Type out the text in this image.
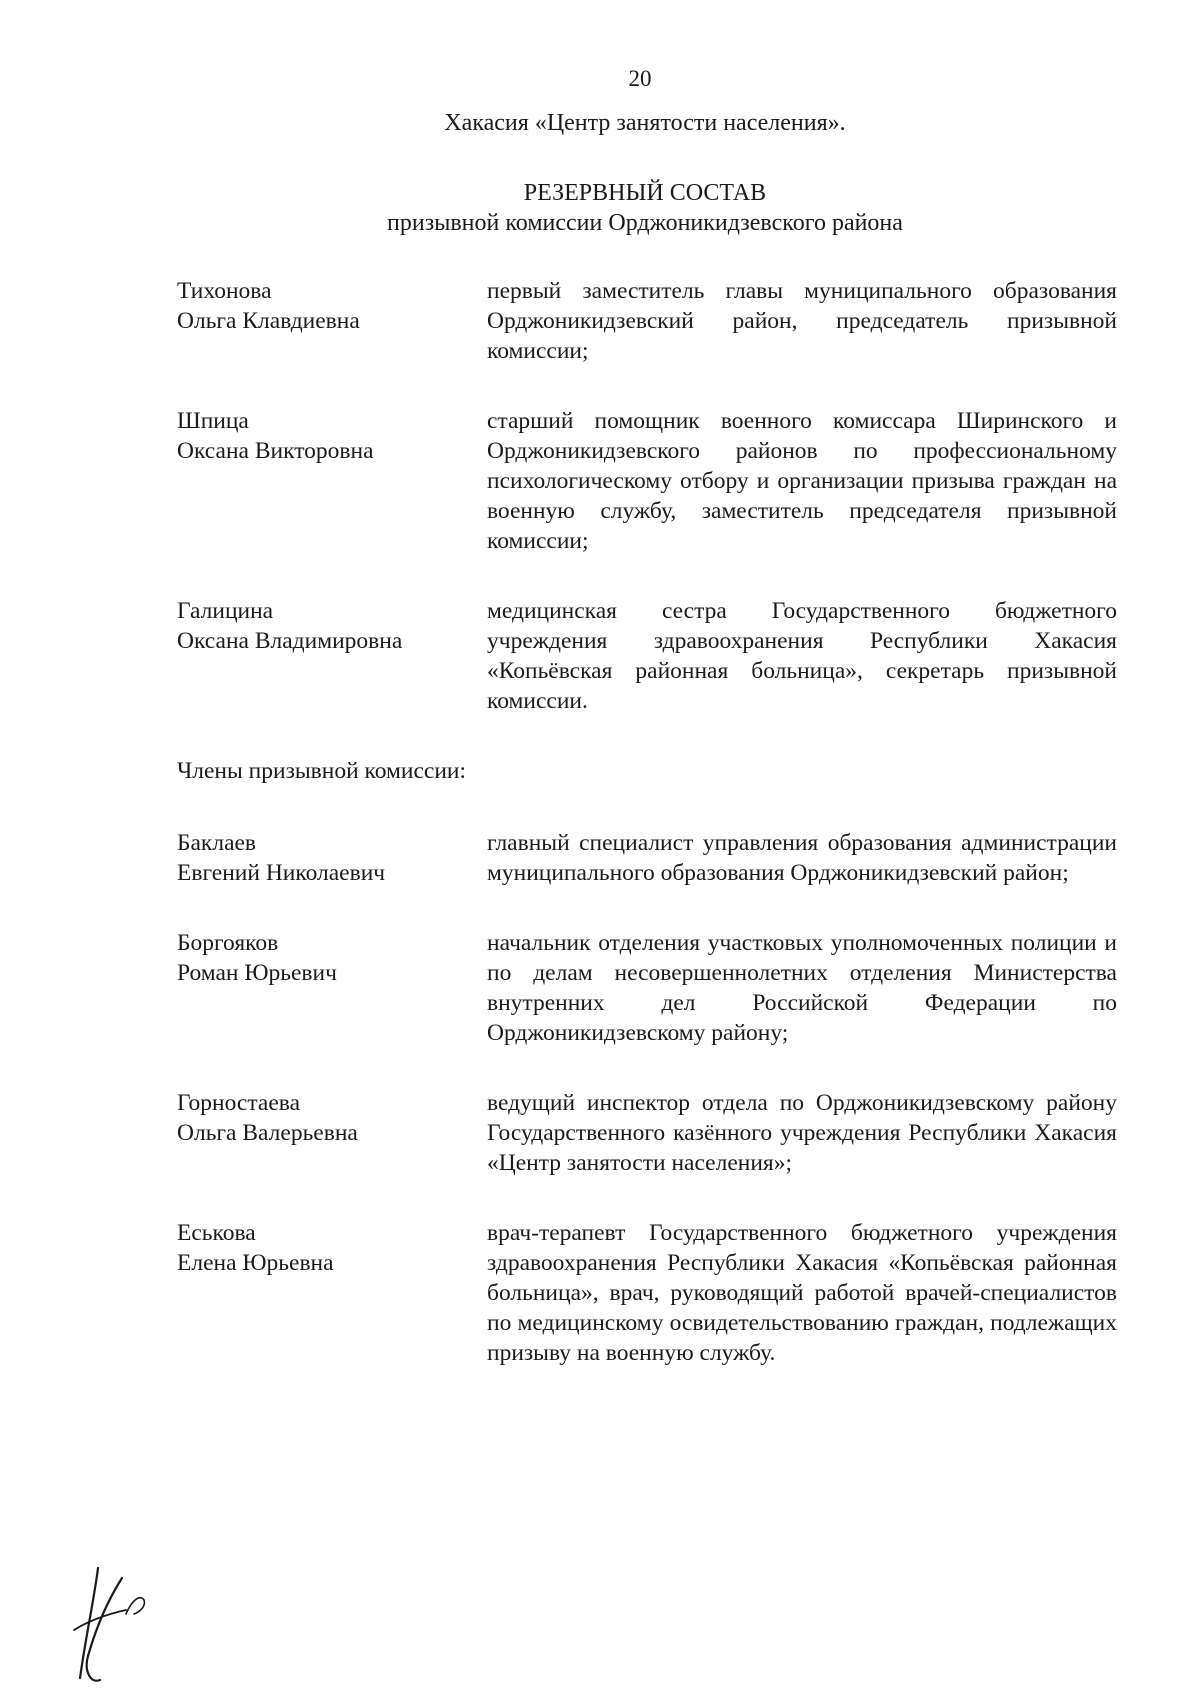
20
Хакасия «Центр занятости населения».
РЕЗЕРВНЫЙ СОСТАВ
призывной комиссии Орджоникидзевского района
Тихонова
Ольга Клавдиевна
первый заместитель главы муниципального образования Орджоникидзевский район, председатель призывной комиссии;
Шпица
Оксана Викторовна
старший помощник военного комиссара Ширинского и Орджоникидзевского районов по профессиональному психологическому отбору и организации призыва граждан на военную службу, заместитель председателя призывной комиссии;
Галицина
Оксана Владимировна
медицинская сестра Государственного бюджетного учреждения здравоохранения Республики Хакасия «Копьёвская районная больница», секретарь призывной комиссии.
Члены призывной комиссии:
Баклаев
Евгений Николаевич
главный специалист управления образования администрации муниципального образования Орджоникидзевский район;
Боргояков
Роман Юрьевич
начальник отделения участковых уполномоченных полиции и по делам несовершеннолетних отделения Министерства внутренних дел Российской Федерации по Орджоникидзевскому району;
Горностаева
Ольга Валерьевна
ведущий инспектор отдела по Орджоникидзевскому району Государственного казённого учреждения Республики Хакасия «Центр занятости населения»;
Еськова
Елена Юрьевна
врач-терапевт Государственного бюджетного учреждения здравоохранения Республики Хакасия «Копьёвская районная больница», врач, руководящий работой врачей-специалистов по медицинскому освидетельствованию граждан, подлежащих призыву на военную службу.
